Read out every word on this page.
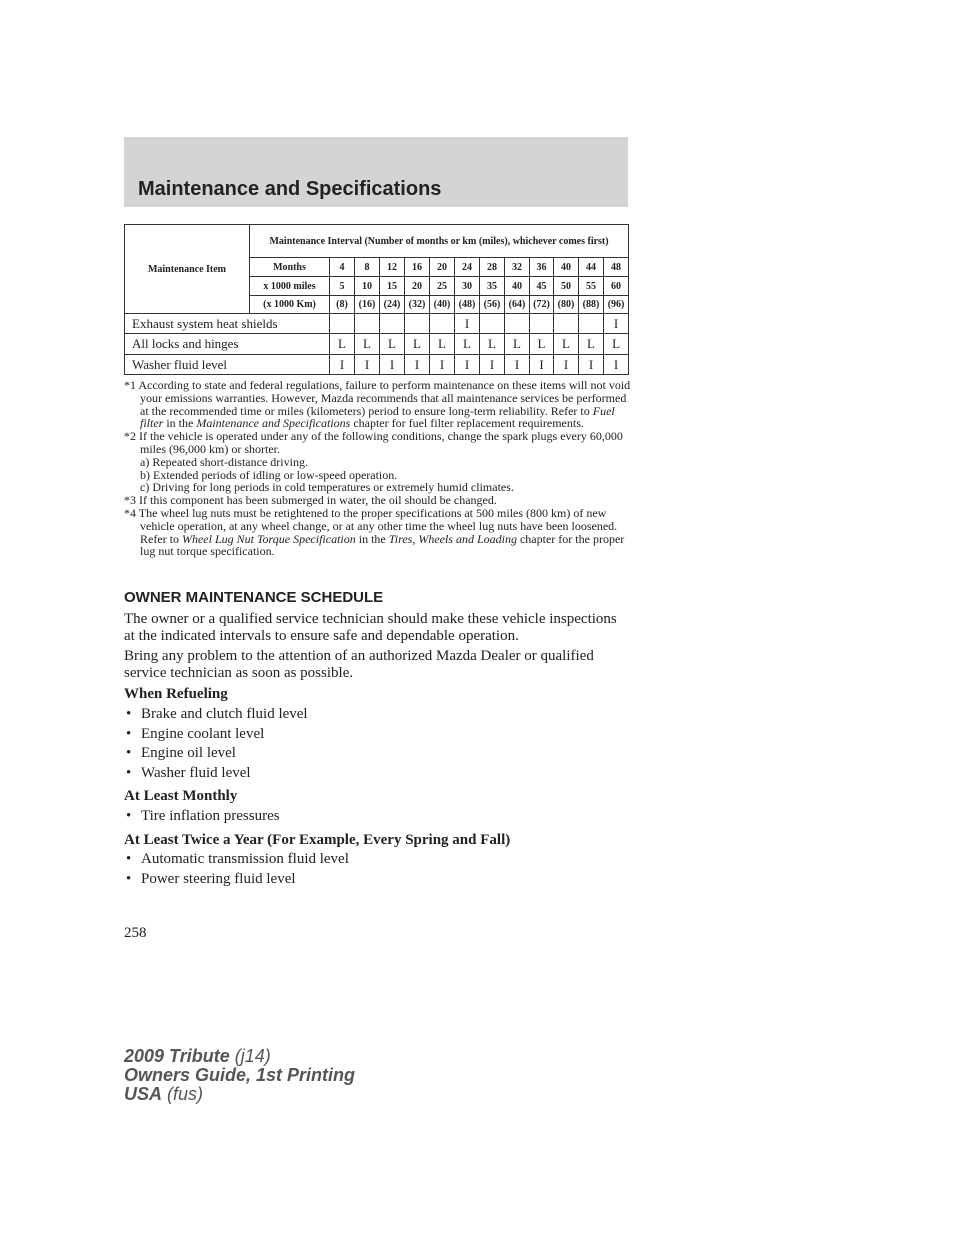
Maintenance and Specifications
Maintenance Item	Maintenance Interval (Number of months or km (miles), whichever comes first)												
	Months	4	8	12	16	20	24	28	32	36	40	44	48
	x 1000 miles	5	10	15	20	25	30	35	40	45	50	55	60
	(x 1000 Km)	(8)	(16)	(24)	(32)	(40)	(48)	(56)	(64)	(72)	(80)	(88)	(96)
Exhaust system heat shields							I						I
All locks and hinges		L	L	L	L	L	L	L	L	L	L	L	L
Washer fluid level		I	I	I	I	I	I	I	I	I	I	I	I

*1 According to state and federal regulations, failure to perform maintenance on these items will not void your emissions warranties. However, Mazda recommends that all maintenance services be performed at the recommended time or miles (kilometers) period to ensure long-term reliability. Refer to Fuel filter in the Maintenance and Specifications chapter for fuel filter replacement requirements.

*2 If the vehicle is operated under any of the following conditions, change the spark plugs every 60,000 miles (96,000 km) or shorter.

a) Repeated short-distance driving.

b) Extended periods of idling or low-speed operation.

c) Driving for long periods in cold temperatures or extremely humid climates.

*3 If this component has been submerged in water, the oil should be changed.

*4 The wheel lug nuts must be retightened to the proper specifications at 500 miles (800 km) of new vehicle operation, at any wheel change, or at any other time the wheel lug nuts have been loosened. Refer to Wheel Lug Nut Torque Specification in the Tires, Wheels and Loading chapter for the proper lug nut torque specification.

OWNER MAINTENANCE SCHEDULE

The owner or a qualified service technician should make these vehicle inspections at the indicated intervals to ensure safe and dependable operation.

Bring any problem to the attention of an authorized Mazda Dealer or qualified service technician as soon as possible.

When Refueling
• Brake and clutch fluid level
• Engine coolant level
• Engine oil level
• Washer fluid level
At Least Monthly
• Tire inflation pressures
At Least Twice a Year (For Example, Every Spring and Fall)
• Automatic transmission fluid level
• Power steering fluid level
258
2009 Tribute (j14)
Owners Guide, 1st Printing
USA (fus)
